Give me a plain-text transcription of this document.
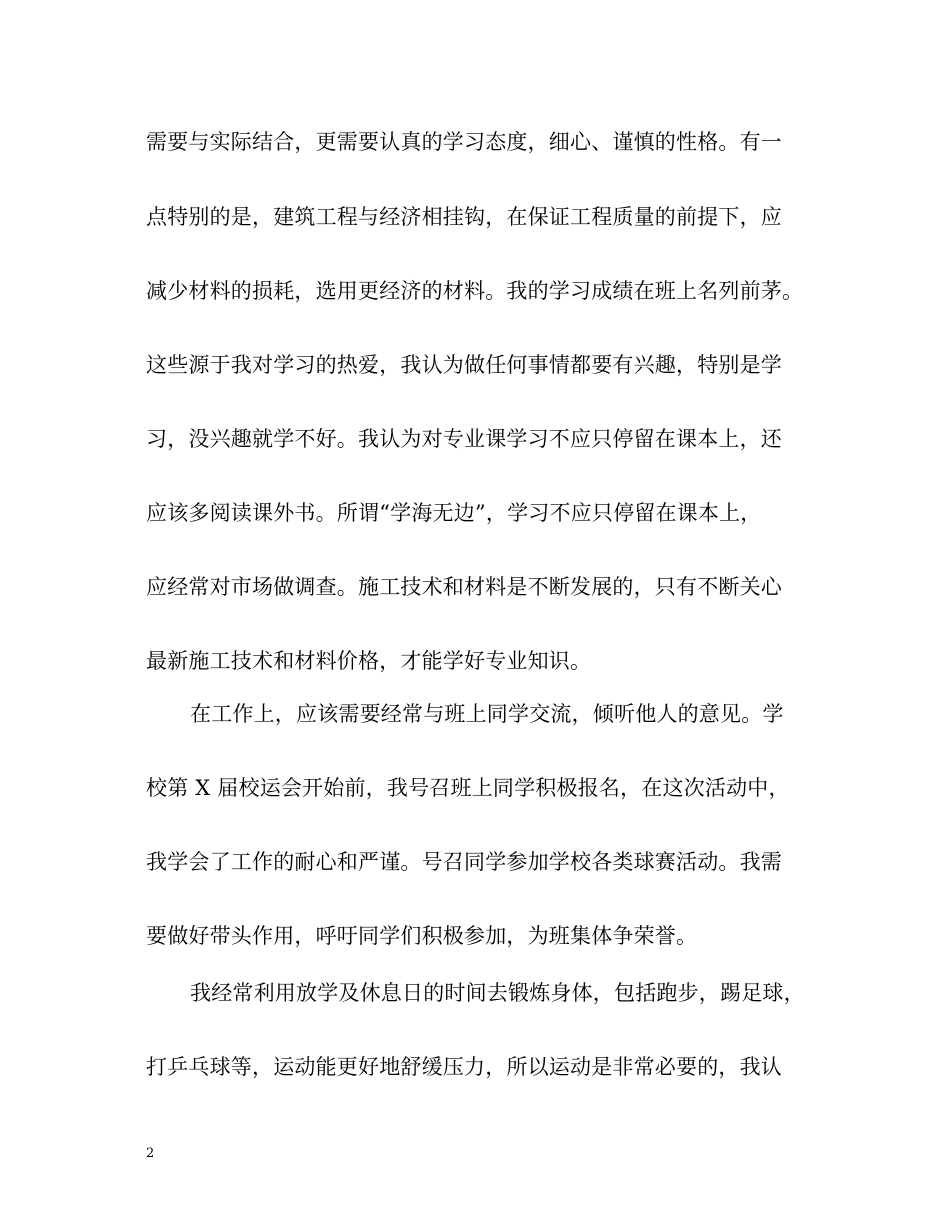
需要与实际结合，更需要认真的学习态度，细心、谨慎的性格。有一
点特别的是，建筑工程与经济相挂钩，在保证工程质量的前提下，应
减少材料的损耗，选用更经济的材料。我的学习成绩在班上名列前茅。
这些源于我对学习的热爱，我认为做任何事情都要有兴趣，特别是学
习，没兴趣就学不好。我认为对专业课学习不应只停留在课本上，还
应该多阅读课外书。所谓“学海无边”，学习不应只停留在课本上，
应经常对市场做调查。施工技术和材料是不断发展的，只有不断关心
最新施工技术和材料价格，才能学好专业知识。
在工作上，应该需要经常与班上同学交流，倾听他人的意见。学
校第 X 届校运会开始前，我号召班上同学积极报名，在这次活动中，
我学会了工作的耐心和严谨。号召同学参加学校各类球赛活动。我需
要做好带头作用，呼吁同学们积极参加，为班集体争荣誉。
我经常利用放学及休息日的时间去锻炼身体，包括跑步，踢足球，
打乒乓球等，运动能更好地舒缓压力，所以运动是非常必要的，我认
2
